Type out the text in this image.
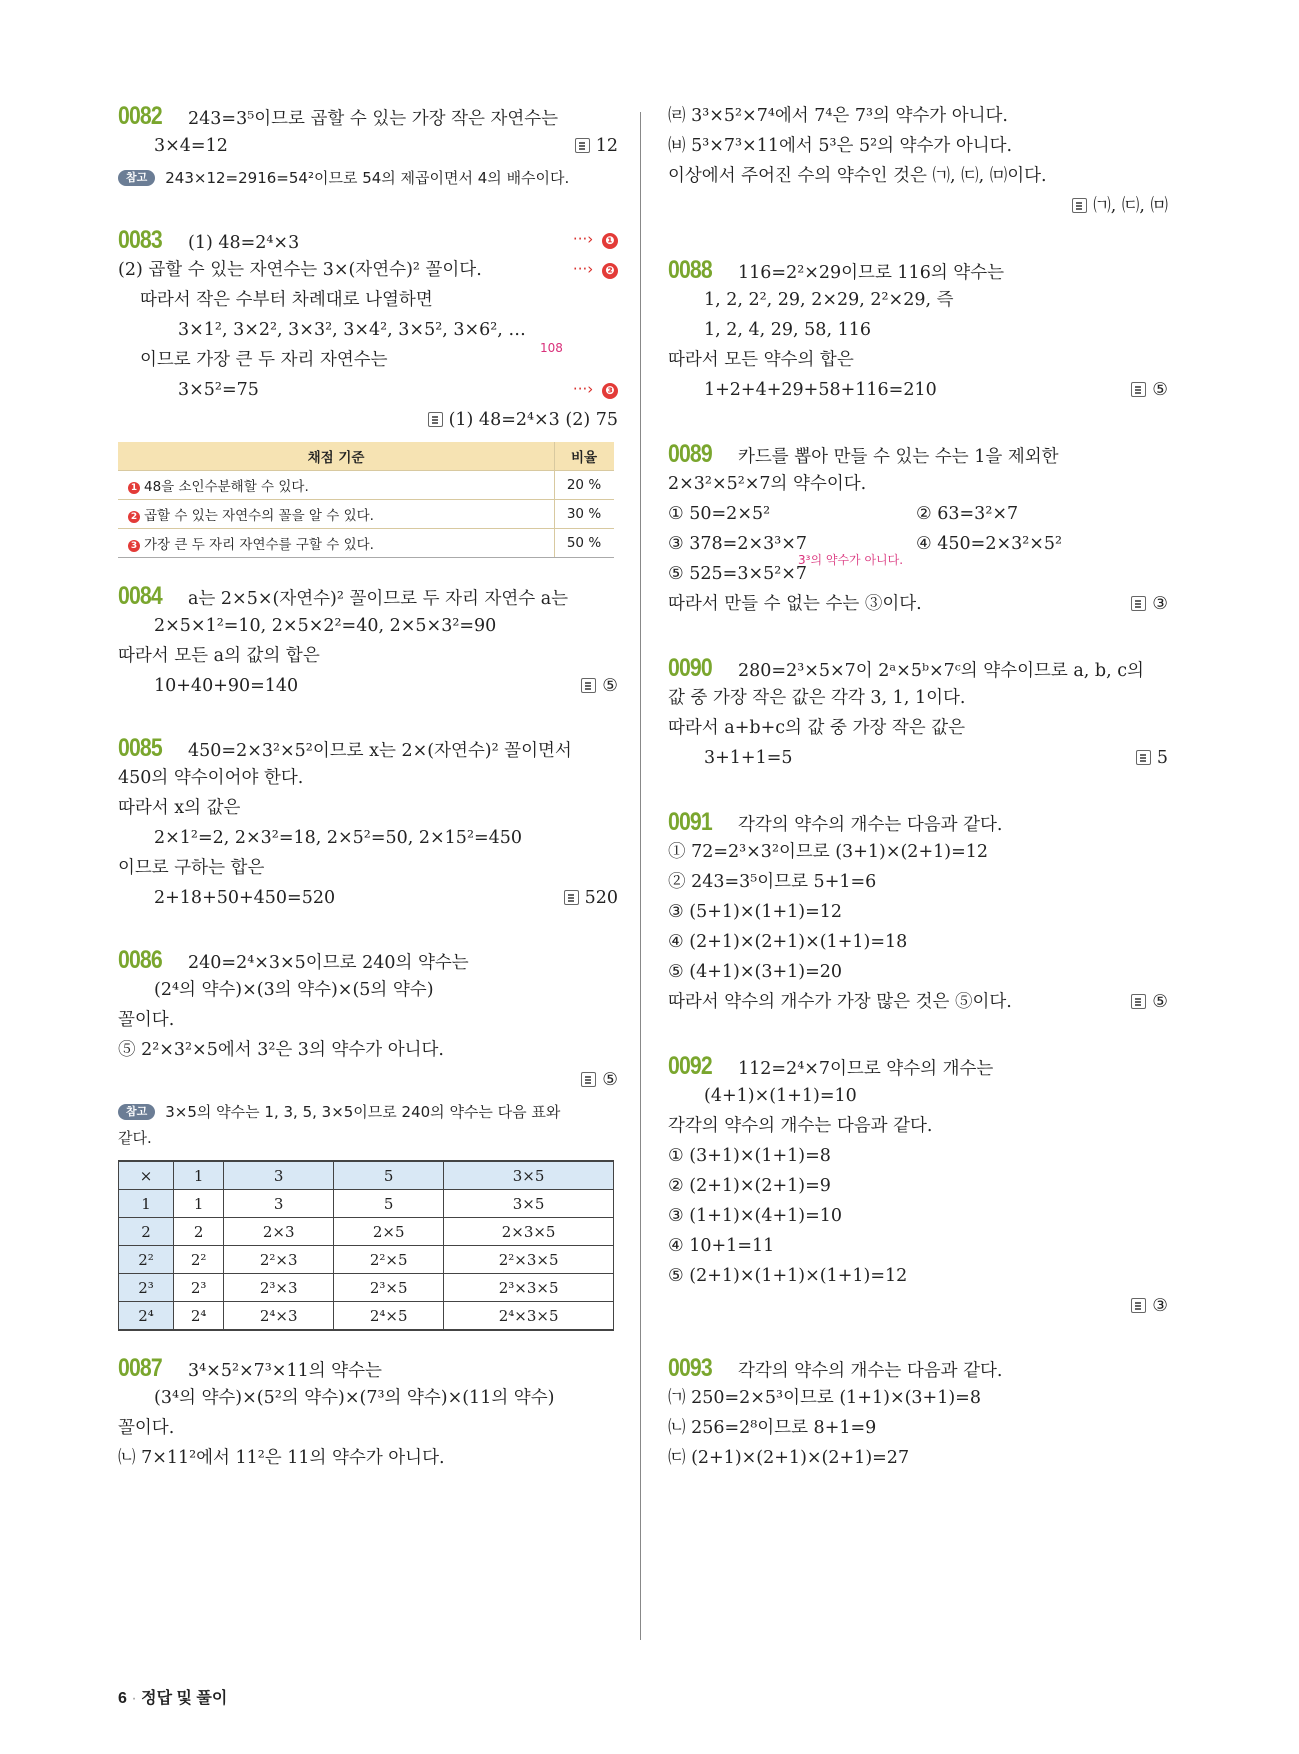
0082 243=3⁵이므로 곱할 수 있는 가장 작은 자연수는
3×4=12	12
참고 243×12=2916=54²이므로 54의 제곱이면서 4의 배수이다.
0083 (1) 48=2⁴×3	···› ❶
(2) 곱할 수 있는 자연수는 3×(자연수)² 꼴이다.	···› ❷
따라서 작은 수부터 차례대로 나열하면
3×1², 3×2², 3×3², 3×4², 3×5², 3×6², …
108
이므로 가장 큰 두 자리 자연수는
3×5²=75	···› ❸
(1) 48=2⁴×3 (2) 75
채점 기준	비율
1 48을 소인수분해할 수 있다.	20 %
2 곱할 수 있는 자연수의 꼴을 알 수 있다.	30 %
3 가장 큰 두 자리 자연수를 구할 수 있다.	50 %
0084 a는 2×5×(자연수)² 꼴이므로 두 자리 자연수 a는
2×5×1²=10, 2×5×2²=40, 2×5×3²=90
따라서 모든 a의 값의 합은
10+40+90=140	⑤
0085 450=2×3²×5²이므로 x는 2×(자연수)² 꼴이면서
450의 약수이어야 한다.
따라서 x의 값은
2×1²=2, 2×3²=18, 2×5²=50, 2×15²=450
이므로 구하는 합은
2+18+50+450=520	520
0086 240=2⁴×3×5이므로 240의 약수는
(2⁴의 약수)×(3의 약수)×(5의 약수)
꼴이다.
⑤ 2²×3²×5에서 3²은 3의 약수가 아니다.
⑤
참고 3×5의 약수는 1, 3, 5, 3×5이므로 240의 약수는 다음 표와
같다.
×	1	3	5	3×5
1	1	3	5	3×5
2	2	2×3	2×5	2×3×5
2²	2²	2²×3	2²×5	2²×3×5
2³	2³	2³×3	2³×5	2³×3×5
2⁴	2⁴	2⁴×3	2⁴×5	2⁴×3×5
0087 3⁴×5²×7³×11의 약수는
(3⁴의 약수)×(5²의 약수)×(7³의 약수)×(11의 약수)
꼴이다.
㈁ 7×11²에서 11²은 11의 약수가 아니다.
㈃ 3³×5²×7⁴에서 7⁴은 7³의 약수가 아니다.
㈅ 5³×7³×11에서 5³은 5²의 약수가 아니다.
이상에서 주어진 수의 약수인 것은 ㈀, ㈂, ㈄이다.
㈀, ㈂, ㈄
0088 116=2²×29이므로 116의 약수는
1, 2, 2², 29, 2×29, 2²×29, 즉
1, 2, 4, 29, 58, 116
따라서 모든 약수의 합은
1+2+4+29+58+116=210	⑤
0089 카드를 뽑아 만들 수 있는 수는 1을 제외한
2×3²×5²×7의 약수이다.
① 50=2×5²	② 63=3²×7
③ 378=2×3³×7
3³의 약수가 아니다.
④ 450=2×3²×5²
⑤ 525=3×5²×7
따라서 만들 수 없는 수는 ③이다.	③
0090 280=2³×5×7이 2ᵃ×5ᵇ×7ᶜ의 약수이므로 a, b, c의
값 중 가장 작은 값은 각각 3, 1, 1이다.
따라서 a+b+c의 값 중 가장 작은 값은
3+1+1=5	5
0091 각각의 약수의 개수는 다음과 같다.
① 72=2³×3²이므로 (3+1)×(2+1)=12
② 243=3⁵이므로 5+1=6
③ (5+1)×(1+1)=12
④ (2+1)×(2+1)×(1+1)=18
⑤ (4+1)×(3+1)=20
따라서 약수의 개수가 가장 많은 것은 ⑤이다.	⑤
0092 112=2⁴×7이므로 약수의 개수는
(4+1)×(1+1)=10
각각의 약수의 개수는 다음과 같다.
① (3+1)×(1+1)=8
② (2+1)×(2+1)=9
③ (1+1)×(4+1)=10
④ 10+1=11
⑤ (2+1)×(1+1)×(1+1)=12
③
0093 각각의 약수의 개수는 다음과 같다.
㈀ 250=2×5³이므로 (1+1)×(3+1)=8
㈁ 256=2⁸이므로 8+1=9
㈂ (2+1)×(2+1)×(2+1)=27
6 · 정답 및 풀이
